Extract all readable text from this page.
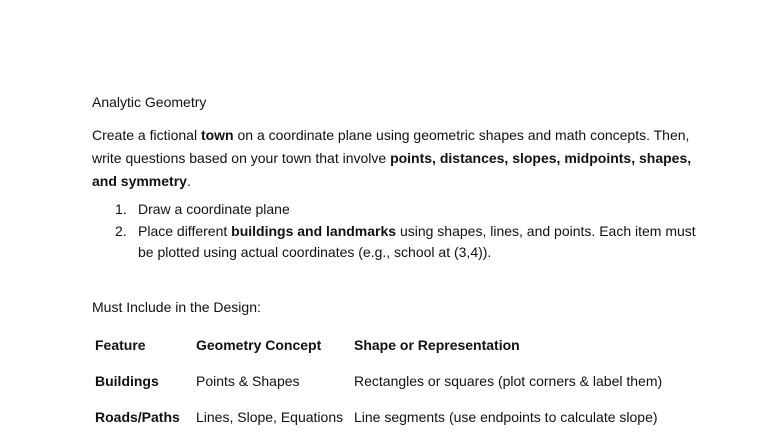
Analytic Geometry

Create a fictional town on a coordinate plane using geometric shapes and math concepts. Then, write questions based on your town that involve points, distances, slopes, midpoints, shapes, and symmetry.

1. Draw a coordinate plane
2. Place different buildings and landmarks using shapes, lines, and points. Each item must be plotted using actual coordinates (e.g., school at (3,4)).
Must Include in the Design:
Feature	Geometry Concept	Shape or Representation
Buildings	Points & Shapes	Rectangles or squares (plot corners & label them)
Roads/Paths	Lines, Slope, Equations	Line segments (use endpoints to calculate slope)
